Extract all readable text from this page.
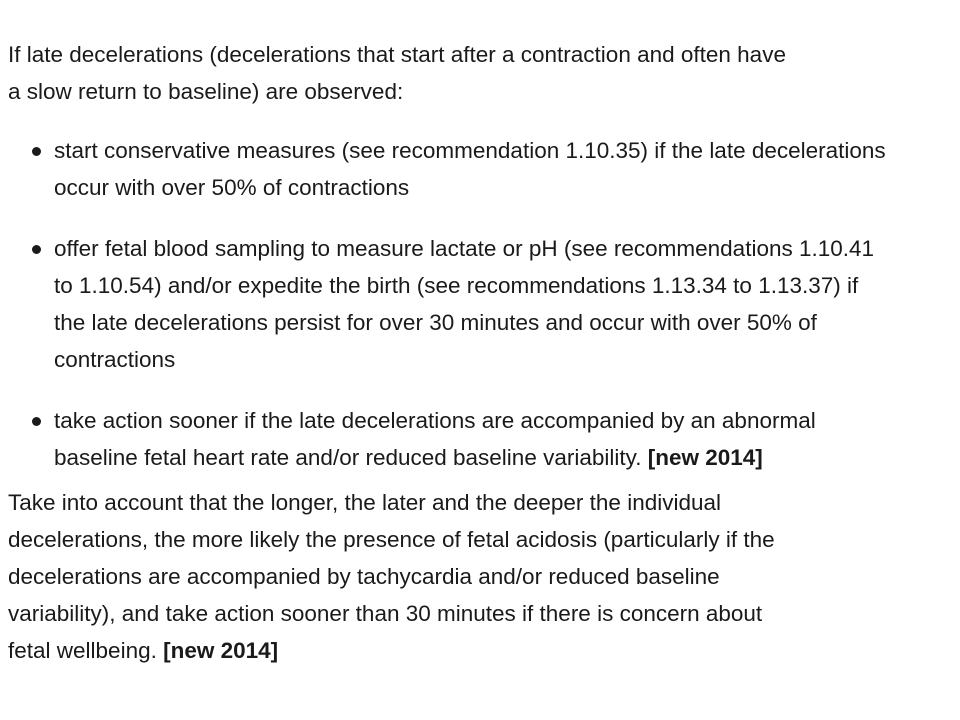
If late decelerations (decelerations that start after a contraction and often have
a slow return to baseline) are observed:

start conservative measures (see recommendation 1.10.35) if the late decelerations
occur with over 50% of contractions
offer fetal blood sampling to measure lactate or pH (see recommendations 1.10.41
to 1.10.54) and/or expedite the birth (see recommendations 1.13.34 to 1.13.37) if
the late decelerations persist for over 30 minutes and occur with over 50% of
contractions
take action sooner if the late decelerations are accompanied by an abnormal
baseline fetal heart rate and/or reduced baseline variability. [new 2014]

Take into account that the longer, the later and the deeper the individual
decelerations, the more likely the presence of fetal acidosis (particularly if the
decelerations are accompanied by tachycardia and/or reduced baseline
variability), and take action sooner than 30 minutes if there is concern about
fetal wellbeing. [new 2014]
